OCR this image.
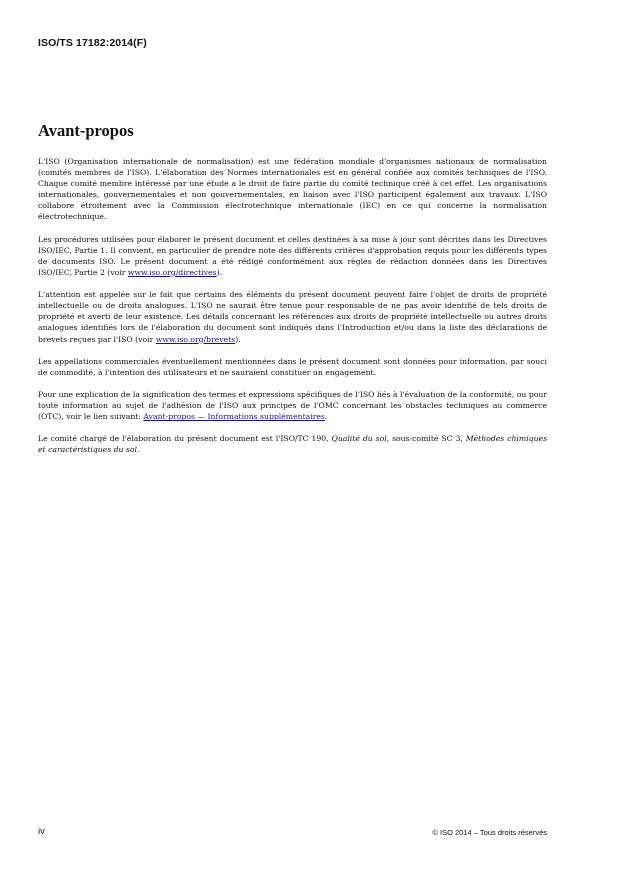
ISO/TS 17182:2014(F)
Avant-propos

L'ISO (Organisation internationale de normalisation) est une fédération mondiale d'organismes nationaux de normalisation (comités membres de l'ISO). L'élaboration des Normes internationales est en général confiée aux comités techniques de l'ISO. Chaque comité membre intéressé par une étude a le droit de faire partie du comité technique créé à cet effet. Les organisations internationales, gouvernementales et non gouvernementales, en liaison avec l'ISO participent également aux travaux. L'ISO collabore étroitement avec la Commission électrotechnique internationale (IEC) en ce qui concerne la normalisation électrotechnique.

Les procédures utilisées pour élaborer le présent document et celles destinées à sa mise à jour sont décrites dans les Directives ISO/IEC, Partie 1. Il convient, en particulier de prendre note des différents critères d'approbation requis pour les différents types de documents ISO. Le présent document a été rédigé conformément aux règles de rédaction données dans les Directives ISO/IEC, Partie 2 (voir www.iso.org/directives).

L'attention est appelée sur le fait que certains des éléments du présent document peuvent faire l'objet de droits de propriété intellectuelle ou de droits analogues. L'ISO ne saurait être tenue pour responsable de ne pas avoir identifié de tels droits de propriété et averti de leur existence. Les détails concernant les références aux droits de propriété intellectuelle ou autres droits analogues identifiés lors de l'élaboration du document sont indiqués dans l'Introduction et/ou dans la liste des déclarations de brevets reçues par l'ISO (voir www.iso.org/brevets).

Les appellations commerciales éventuellement mentionnées dans le présent document sont données pour information, par souci de commodité, à l'intention des utilisateurs et ne sauraient constituer un engagement.

Pour une explication de la signification des termes et expressions spécifiques de l'ISO liés à l'évaluation de la conformité, ou pour toute information au sujet de l'adhésion de l'ISO aux principes de l'OMC concernant les obstacles techniques au commerce (OTC), voir le lien suivant: Avant-propos — Informations supplémentaires.

Le comité chargé de l'élaboration du présent document est l'ISO/TC 190, Qualité du sol, sous-comité SC 3, Méthodes chimiques et caractéristiques du sol.

iv	© ISO 2014 – Tous droits réservés
